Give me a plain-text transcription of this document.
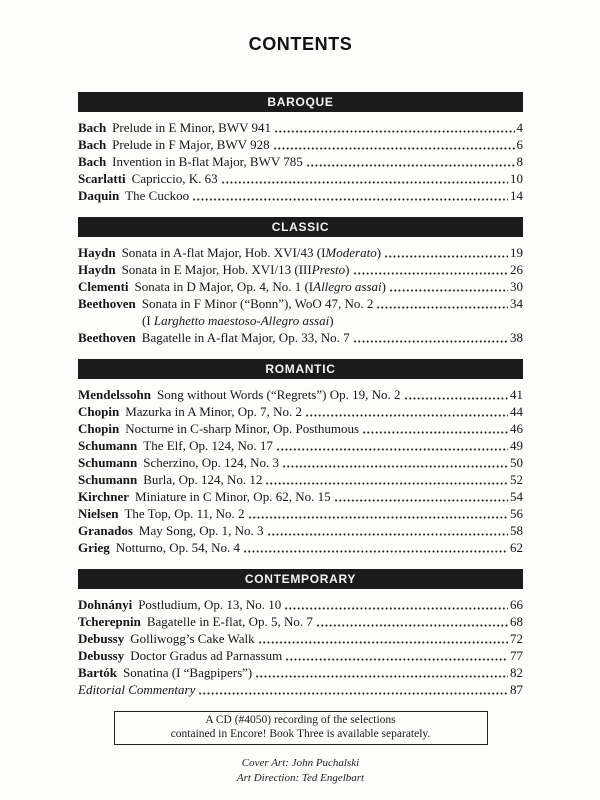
CONTENTS
BAROQUE
Bach Prelude in E Minor, BWV 941	4
Bach Prelude in F Major, BWV 928	6
Bach Invention in B-flat Major, BWV 785	8
Scarlatti Capriccio, K. 63	10
Daquin The Cuckoo	14
CLASSIC
Haydn Sonata in A-flat Major, Hob. XVI/43 (I Moderato )	19
Haydn Sonata in E Major, Hob. XVI/13 (III Presto )	26
Clementi Sonata in D Major, Op. 4, No. 1 (I Allegro assai )	30
Beethoven Sonata in F Minor (“Bonn”), WoO 47, No. 2	34
(I Larghetto maestoso-Allegro assai)
Beethoven Bagatelle in A-flat Major, Op. 33, No. 7	38
ROMANTIC
Mendelssohn Song without Words (“Regrets”) Op. 19, No. 2	41
Chopin Mazurka in A Minor, Op. 7, No. 2	44
Chopin Nocturne in C-sharp Minor, Op. Posthumous	46
Schumann The Elf, Op. 124, No. 17	49
Schumann Scherzino, Op. 124, No. 3	50
Schumann Burla, Op. 124, No. 12	52
Kirchner Miniature in C Minor, Op. 62, No. 15	54
Nielsen The Top, Op. 11, No. 2	56
Granados May Song, Op. 1, No. 3	58
Grieg Notturno, Op. 54, No. 4	62
CONTEMPORARY
Dohnányi Postludium, Op. 13, No. 10	66
Tcherepnin Bagatelle in E-flat, Op. 5, No. 7	68
Debussy Golliwogg’s Cake Walk	72
Debussy Doctor Gradus ad Parnassum	77
Bartók Sonatina (I “Bagpipers”)	82
Editorial Commentary	87
A CD (#4050) recording of the selections
contained in Encore! Book Three is available separately.
Cover Art: John Puchalski
Art Direction: Ted Engelbart
